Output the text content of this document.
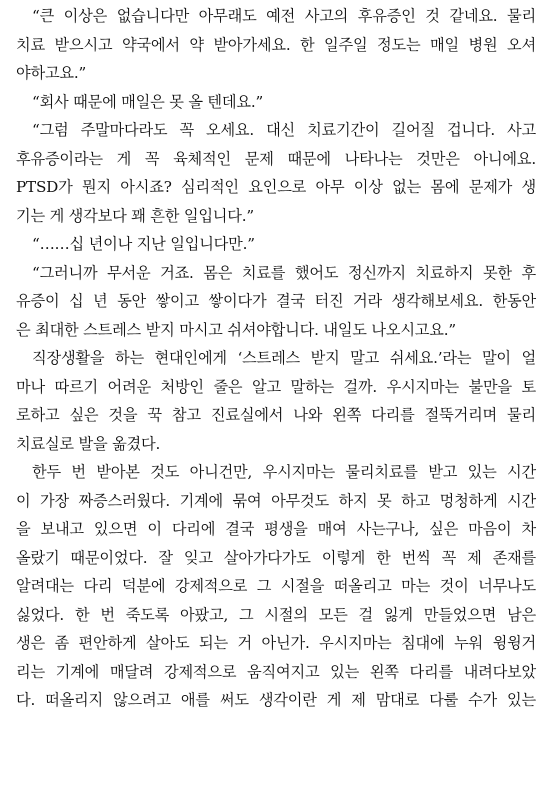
“큰 이상은 없습니다만 아무래도 예전 사고의 후유증인 것 같네요. 물리
치료 받으시고 약국에서 약 받아가세요. 한 일주일 정도는 매일 병원 오셔
야하고요.”
“회사 때문에 매일은 못 올 텐데요.”
“그럼 주말마다라도 꼭 오세요. 대신 치료기간이 길어질 겁니다. 사고
후유증이라는 게 꼭 육체적인 문제 때문에 나타나는 것만은 아니에요.
PTSD가 뭔지 아시죠? 심리적인 요인으로 아무 이상 없는 몸에 문제가 생
기는 게 생각보다 꽤 흔한 일입니다.”
“……십 년이나 지난 일입니다만.”
“그러니까 무서운 거죠. 몸은 치료를 했어도 정신까지 치료하지 못한 후
유증이 십 년 동안 쌓이고 쌓이다가 결국 터진 거라 생각해보세요. 한동안
은 최대한 스트레스 받지 마시고 쉬셔야합니다. 내일도 나오시고요.”
직장생활을 하는 현대인에게 ‘스트레스 받지 말고 쉬세요.’라는 말이 얼
마나 따르기 어려운 처방인 줄은 알고 말하는 걸까. 우시지마는 불만을 토
로하고 싶은 것을 꾹 참고 진료실에서 나와 왼쪽 다리를 절뚝거리며 물리
치료실로 발을 옮겼다.
한두 번 받아본 것도 아니건만, 우시지마는 물리치료를 받고 있는 시간
이 가장 짜증스러웠다. 기계에 묶여 아무것도 하지 못 하고 멍청하게 시간
을 보내고 있으면 이 다리에 결국 평생을 매여 사는구나, 싶은 마음이 차
올랐기 때문이었다. 잘 잊고 살아가다가도 이렇게 한 번씩 꼭 제 존재를
알려대는 다리 덕분에 강제적으로 그 시절을 떠올리고 마는 것이 너무나도
싫었다. 한 번 죽도록 아팠고, 그 시절의 모든 걸 잃게 만들었으면 남은
생은 좀 편안하게 살아도 되는 거 아닌가. 우시지마는 침대에 누워 윙윙거
리는 기계에 매달려 강제적으로 움직여지고 있는 왼쪽 다리를 내려다보았
다. 떠올리지 않으려고 애를 써도 생각이란 게 제 맘대로 다룰 수가 있는
